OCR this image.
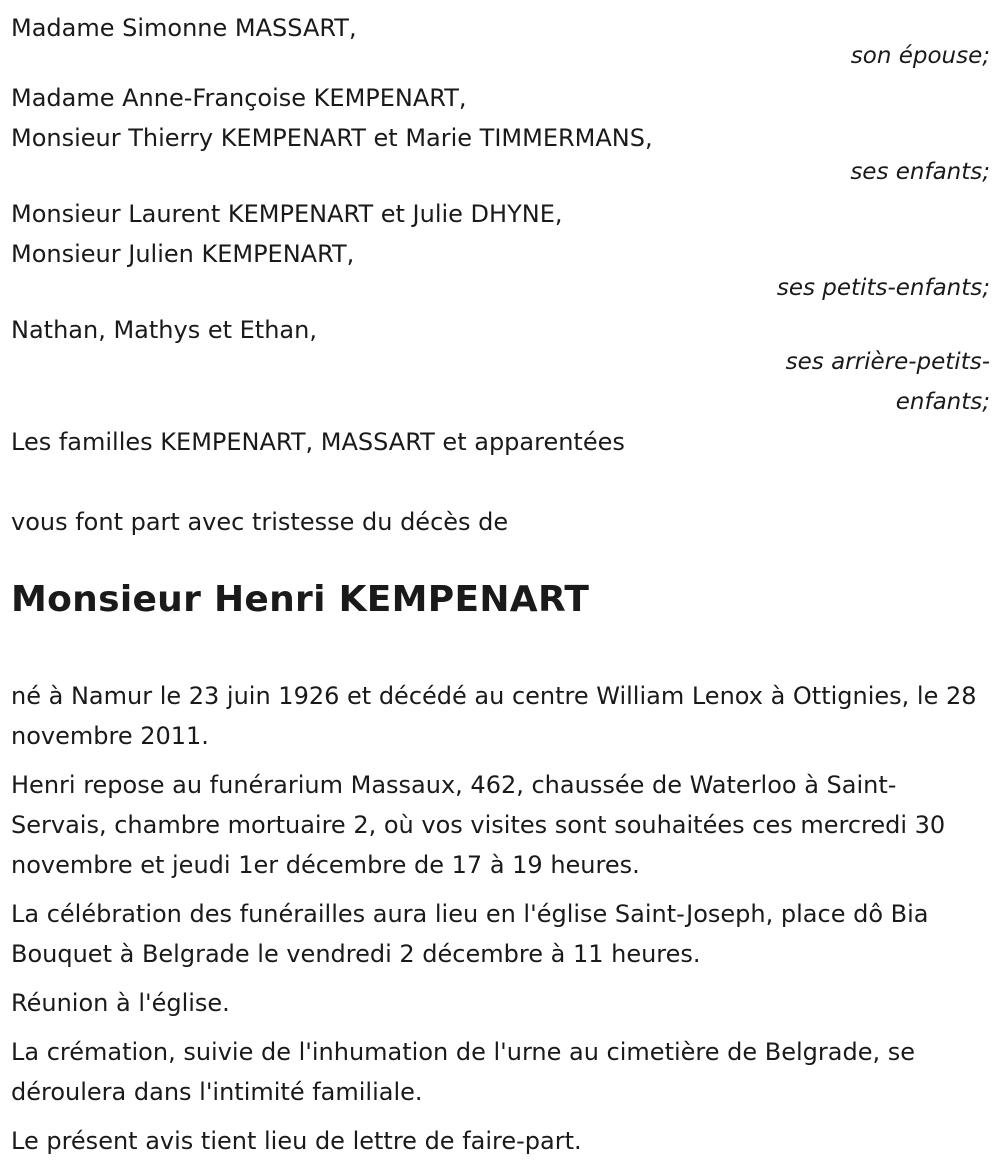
Madame Simonne MASSART,
son épouse;
Madame Anne-Françoise KEMPENART,
Monsieur Thierry KEMPENART et Marie TIMMERMANS,
ses enfants;
Monsieur Laurent KEMPENART et Julie DHYNE,
Monsieur Julien KEMPENART,
ses petits-enfants;
Nathan, Mathys et Ethan,
ses arrière-petits-
enfants;
Les familles KEMPENART, MASSART et apparentées
vous font part avec tristesse du décès de
Monsieur Henri KEMPENART
né à Namur le 23 juin 1926 et décédé au centre William Lenox à Ottignies, le 28 novembre 2011.
Henri repose au funérarium Massaux, 462, chaussée de Waterloo à Saint-Servais, chambre mortuaire 2, où vos visites sont souhaitées ces mercredi 30 novembre et jeudi 1er décembre de 17 à 19 heures.
La célébration des funérailles aura lieu en l'église Saint-Joseph, place dô Bia Bouquet à Belgrade le vendredi 2 décembre à 11 heures.
Réunion à l'église.
La crémation, suivie de l'inhumation de l'urne au cimetière de Belgrade, se déroulera dans l'intimité familiale.
Le présent avis tient lieu de lettre de faire-part.
